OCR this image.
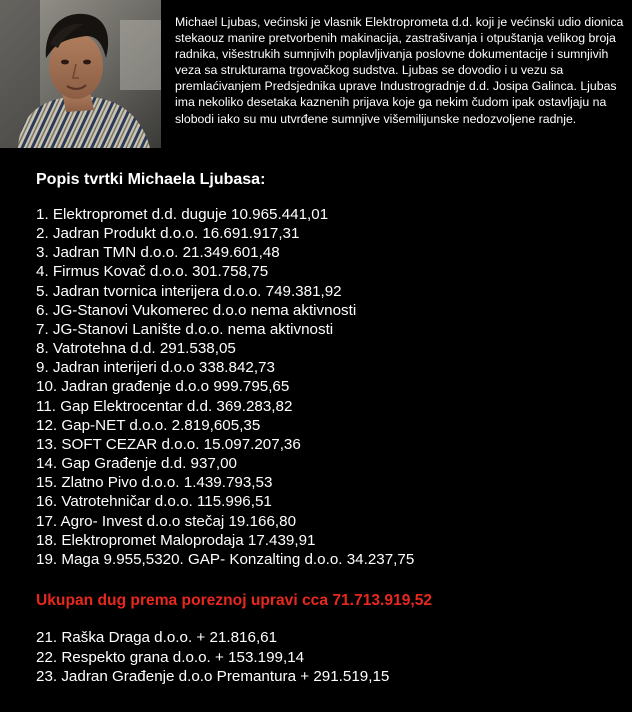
Michael Ljubas, većinski je vlasnik Elektroprometa d.d. koji je većinski udio dionica stekaouz manire pretvorbenih makinacija, zastrašivanja i otpuštanja velikog broja radnika, višestrukih sumnjivih poplavljivanja poslovne dokumentacije i sumnjivih veza sa strukturama trgovačkog sudstva. Ljubas se dovodio i u vezu sa premlaćivanjem Predsjednika uprave Industrogradnje d.d. Josipa Galinca. Ljubas ima nekoliko desetaka kaznenih prijava koje ga nekim čudom ipak ostavljaju na slobodi iako su mu utvrđene sumnjive višemilijunske nedozvoljene radnje.

Popis tvrtki Michaela Ljubasa:
1. Elektropromet d.d. duguje 10.965.441,01
2. Jadran Produkt d.o.o. 16.691.917,31
3. Jadran TMN d.o.o. 21.349.601,48
4. Firmus Kovač d.o.o. 301.758,75
5. Jadran tvornica interijera d.o.o. 749.381,92
6. JG-Stanovi Vukomerec d.o.o nema aktivnosti
7. JG-Stanovi Lanište d.o.o. nema aktivnosti
8. Vatrotehna d.d. 291.538,05
9. Jadran interijeri d.o.o 338.842,73
10. Jadran građenje d.o.o 999.795,65
11. Gap Elektrocentar d.d. 369.283,82
12. Gap-NET d.o.o. 2.819,605,35
13. SOFT CEZAR d.o.o. 15.097.207,36
14. Gap Građenje d.d. 937,00
15. Zlatno Pivo d.o.o. 1.439.793,53
16. Vatrotehničar d.o.o. 115.996,51
17. Agro- Invest d.o.o stečaj 19.166,80
18. Elektropromet Maloprodaja 17.439,91
19. Maga 9.955,5320. GAP- Konzalting d.o.o. 34.237,75

Ukupan dug prema poreznoj upravi cca 71.713.919,52

21. Raška Draga d.o.o. + 21.816,61
22. Respekto grana d.o.o. + 153.199,14
23. Jadran Građenje d.o.o Premantura + 291.519,15
